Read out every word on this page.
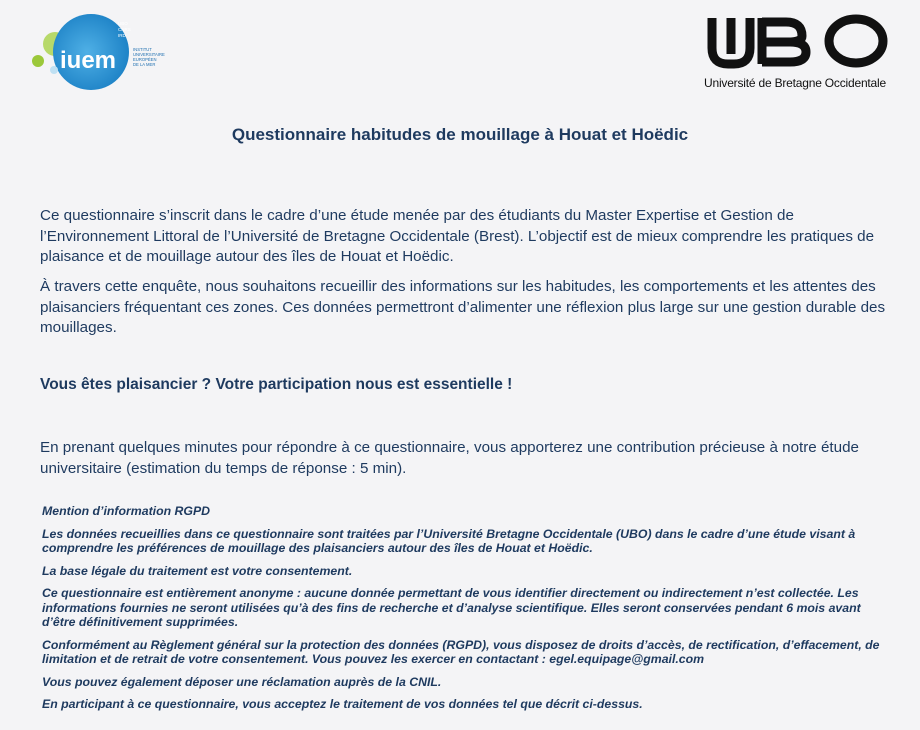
iuem
UBO
CNRS
IRD
INSTITUT
UNIVERSITAIRE
EUROPÉEN
DE LA MER
Université de Bretagne Occidentale
Questionnaire habitudes de mouillage à Houat et Hoëdic

Ce questionnaire s’inscrit dans le cadre d’une étude menée par des étudiants du Master Expertise et Gestion de l’Environnement Littoral de l’Université de Bretagne Occidentale (Brest). L’objectif est de mieux comprendre les pratiques de plaisance et de mouillage autour des îles de Houat et Hoëdic.

À travers cette enquête, nous souhaitons recueillir des informations sur les habitudes, les comportements et les attentes des plaisanciers fréquentant ces zones. Ces données permettront d’alimenter une réflexion plus large sur une gestion durable des mouillages.

Vous êtes plaisancier ? Votre participation nous est essentielle !

En prenant quelques minutes pour répondre à ce questionnaire, vous apporterez une contribution précieuse à notre étude universitaire (estimation du temps de réponse : 5 min).

Mention d’information RGPD

Les données recueillies dans ce questionnaire sont traitées par l’Université Bretagne Occidentale (UBO) dans le cadre d’une étude visant à comprendre les préférences de mouillage des plaisanciers autour des îles de Houat et Hoëdic.

La base légale du traitement est votre consentement.

Ce questionnaire est entièrement anonyme : aucune donnée permettant de vous identifier directement ou indirectement n’est collectée. Les informations fournies ne seront utilisées qu’à des fins de recherche et d’analyse scientifique. Elles seront conservées pendant 6 mois avant d’être définitivement supprimées.

Conformément au Règlement général sur la protection des données (RGPD), vous disposez de droits d’accès, de rectification, d’effacement, de limitation et de retrait de votre consentement. Vous pouvez les exercer en contactant : egel.equipage@gmail.com

Vous pouvez également déposer une réclamation auprès de la CNIL.

En participant à ce questionnaire, vous acceptez le traitement de vos données tel que décrit ci-dessus.
